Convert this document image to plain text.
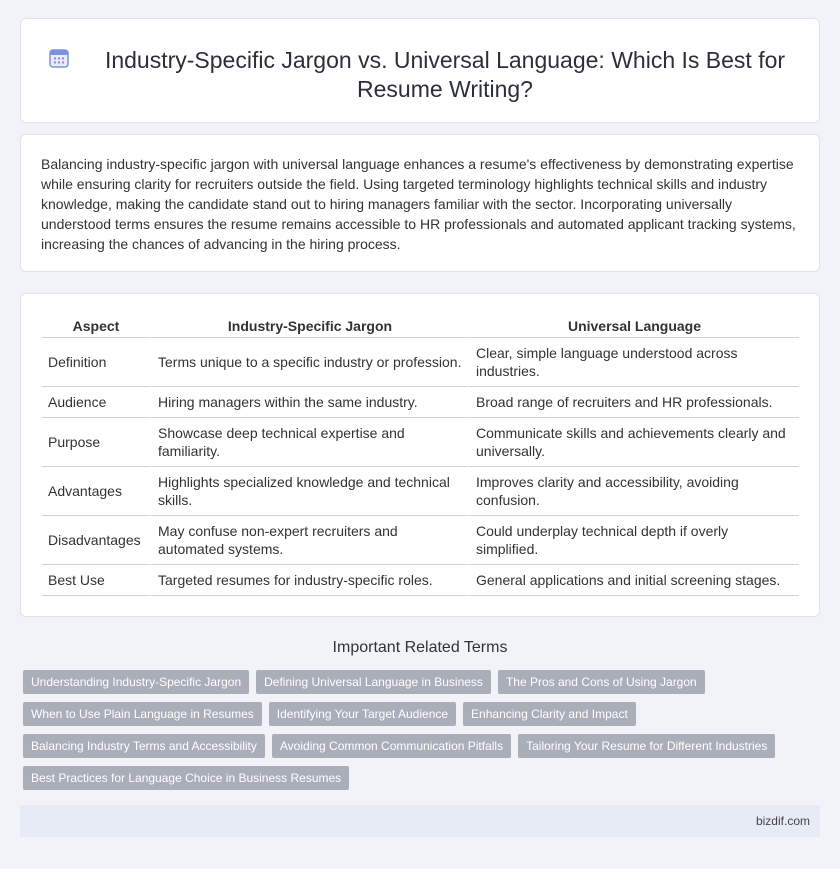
Industry-Specific Jargon vs. Universal Language: Which Is Best for Resume Writing?
Balancing industry-specific jargon with universal language enhances a resume's effectiveness by demonstrating expertise while ensuring clarity for recruiters outside the field. Using targeted terminology highlights technical skills and industry knowledge, making the candidate stand out to hiring managers familiar with the sector. Incorporating universally understood terms ensures the resume remains accessible to HR professionals and automated applicant tracking systems, increasing the chances of advancing in the hiring process.
Aspect	Industry-Specific Jargon	Universal Language
Definition	Terms unique to a specific industry or profession.	Clear, simple language understood across industries.
Audience	Hiring managers within the same industry.	Broad range of recruiters and HR professionals.
Purpose	Showcase deep technical expertise and familiarity.	Communicate skills and achievements clearly and universally.
Advantages	Highlights specialized knowledge and technical skills.	Improves clarity and accessibility, avoiding confusion.
Disadvantages	May confuse non-expert recruiters and automated systems.	Could underplay technical depth if overly simplified.
Best Use	Targeted resumes for industry-specific roles.	General applications and initial screening stages.
Important Related Terms
Understanding Industry-Specific Jargon	Defining Universal Language in Business	The Pros and Cons of Using Jargon
When to Use Plain Language in Resumes	Identifying Your Target Audience	Enhancing Clarity and Impact
Balancing Industry Terms and Accessibility	Avoiding Common Communication Pitfalls	Tailoring Your Resume for Different Industries
Best Practices for Language Choice in Business Resumes
bizdif.com
